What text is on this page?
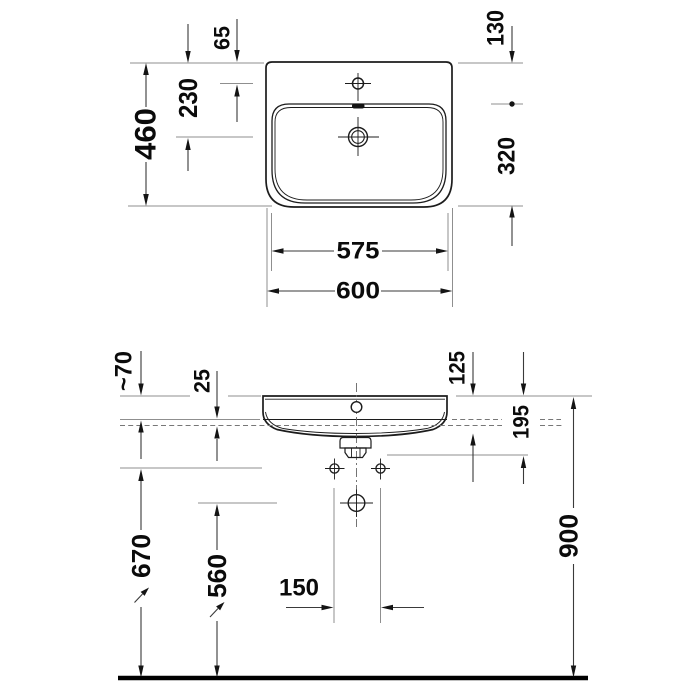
460
230
65	130
320
575
600
~70 25	125
195
670 560 150
900
